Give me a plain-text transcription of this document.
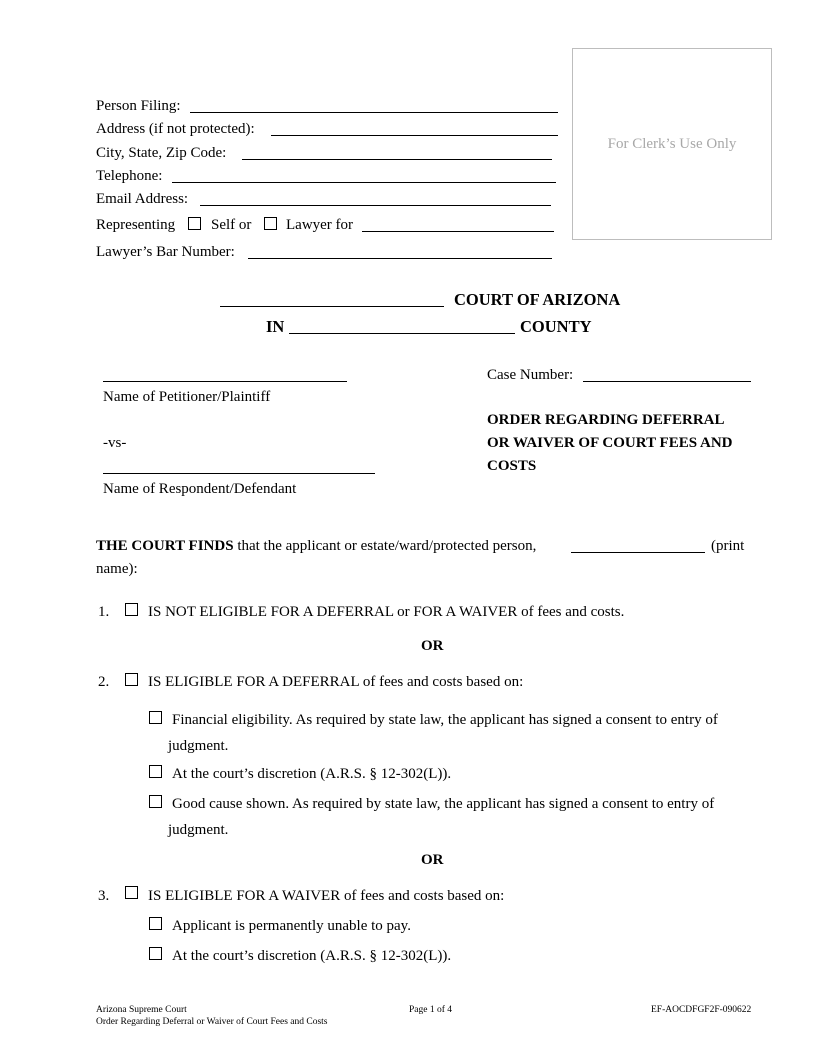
Person Filing:
Address (if not protected):
City, State, Zip Code:
Telephone:
Email Address:
Representing Self or Lawyer for
Lawyer’s Bar Number:
For Clerk’s Use Only
COURT OF ARIZONA
IN	COUNTY
Name of Petitioner/Plaintiff
-vs-
Name of Respondent/Defendant
Case Number:
ORDER REGARDING DEFERRAL
OR WAIVER OF COURT FEES AND
COSTS
THE COURT FINDS that the applicant or estate/ward/protected person,	(print
name):
1.	IS NOT ELIGIBLE FOR A DEFERRAL or FOR A WAIVER of fees and costs.
OR
2.	IS ELIGIBLE FOR A DEFERRAL of fees and costs based on:
Financial eligibility. As required by state law, the applicant has signed a consent to entry of
judgment.
At the court’s discretion (A.R.S. § 12-302(L)).
Good cause shown. As required by state law, the applicant has signed a consent to entry of
judgment.
OR
3.	IS ELIGIBLE FOR A WAIVER of fees and costs based on:
Applicant is permanently unable to pay.
At the court’s discretion (A.R.S. § 12-302(L)).
Arizona Supreme Court
Order Regarding Deferral or Waiver of Court Fees and Costs
Page 1 of 4	EF-AOCDFGF2F-090622
